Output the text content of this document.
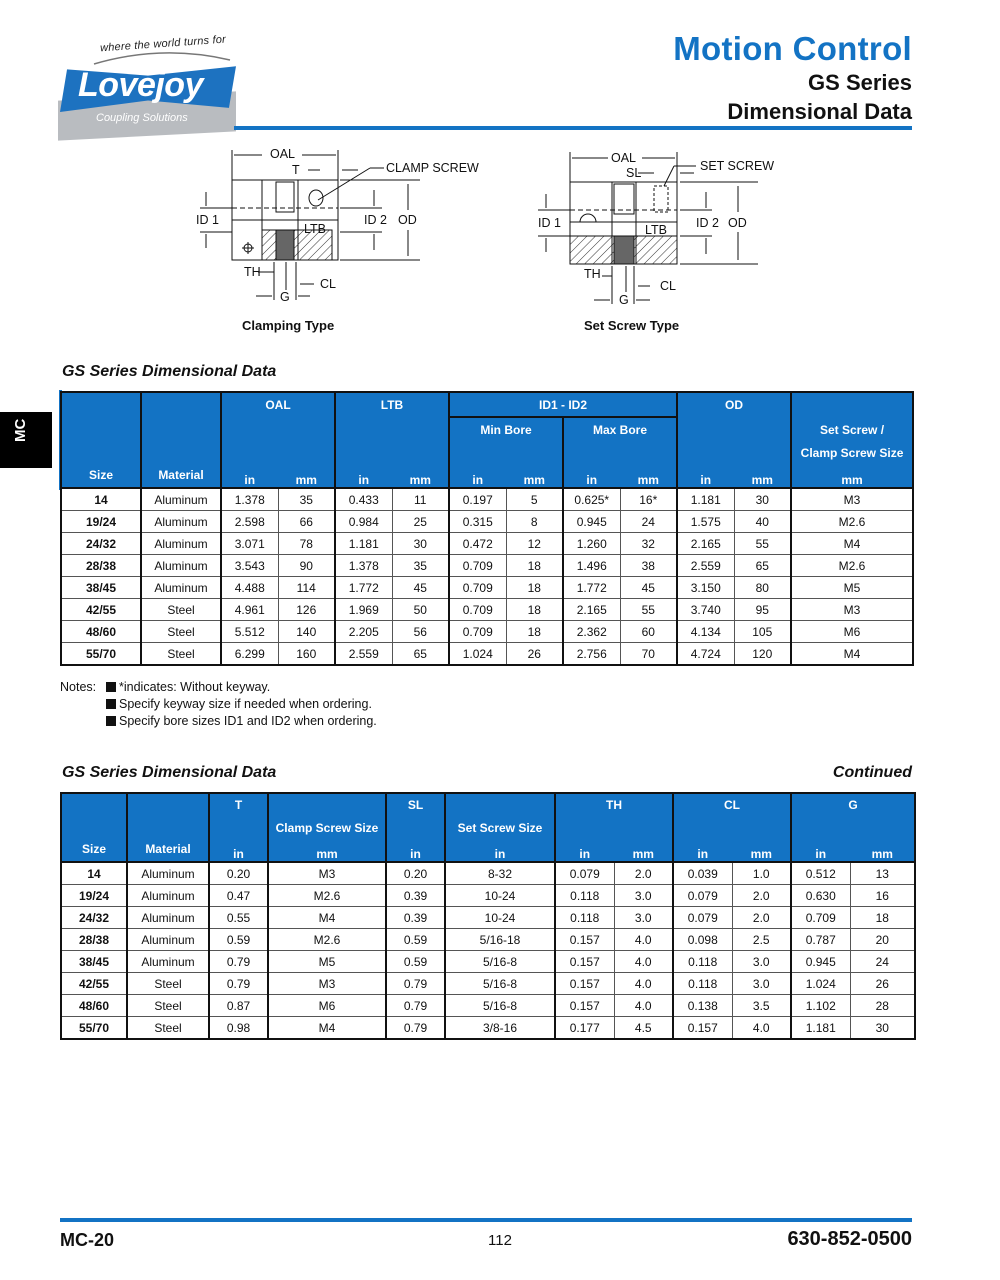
where the world turns for
Lovejoy
Coupling Solutions
Motion Control
GS Series
Dimensional Data
MC
OAL
T	CLAMP SCREW
ID 1	ID 2 OD
LTB
TH
CL
G
Clamping Type
OAL
SL	SET SCREW
ID 1	ID 2 OD
LTB
TH
CL
G
Set Screw Type
GS Series Dimensional Data
Size	Material	OAL		LTB		ID1 - ID2				OD		Set Screw /
Clamp Screw Size
						Min Bore		Max Bore				
		in	mm	in	mm	in	mm	in	mm	in	mm	mm
14	Aluminum	1.378	35	0.433	11	0.197	5	0.625*	16*	1.181	30	M3
19/24	Aluminum	2.598	66	0.984	25	0.315	8	0.945	24	1.575	40	M2.6
24/32	Aluminum	3.071	78	1.181	30	0.472	12	1.260	32	2.165	55	M4
28/38	Aluminum	3.543	90	1.378	35	0.709	18	1.496	38	2.559	65	M2.6
38/45	Aluminum	4.488	114	1.772	45	0.709	18	1.772	45	3.150	80	M5
42/55	Steel	4.961	126	1.969	50	0.709	18	2.165	55	3.740	95	M3
48/60	Steel	5.512	140	2.205	56	0.709	18	2.362	60	4.134	105	M6
55/70	Steel	6.299	160	2.559	65	1.024	26	2.756	70	4.724	120	M4
Notes:	*indicates: Without keyway.
Specify keyway size if needed when ordering.
Specify bore sizes ID1 and ID2 when ordering.
GS Series Dimensional Data	Continued
Size	Material	T	Clamp Screw Size	SL	Set Screw Size	TH		CL		G	

		in	mm	in	in	in	mm	in	mm	in	mm
14	Aluminum	0.20	M3	0.20	8-32	0.079	2.0	0.039	1.0	0.512	13
19/24	Aluminum	0.47	M2.6	0.39	10-24	0.118	3.0	0.079	2.0	0.630	16
24/32	Aluminum	0.55	M4	0.39	10-24	0.118	3.0	0.079	2.0	0.709	18
28/38	Aluminum	0.59	M2.6	0.59	5/16-18	0.157	4.0	0.098	2.5	0.787	20
38/45	Aluminum	0.79	M5	0.59	5/16-8	0.157	4.0	0.118	3.0	0.945	24
42/55	Steel	0.79	M3	0.79	5/16-8	0.157	4.0	0.118	3.0	1.024	26
48/60	Steel	0.87	M6	0.79	5/16-8	0.157	4.0	0.138	3.5	1.102	28
55/70	Steel	0.98	M4	0.79	3/8-16	0.177	4.5	0.157	4.0	1.181	30
MC-20	112	630-852-0500
